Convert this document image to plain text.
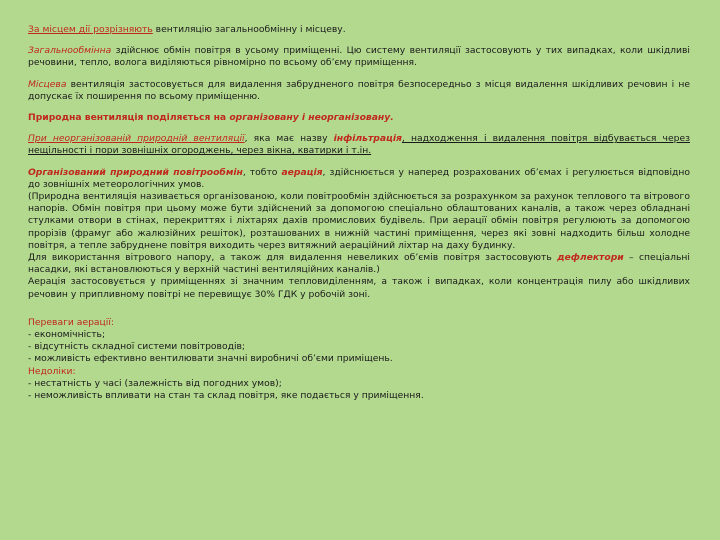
За місцем дії розрізняють вентиляцію загальнообмінну і місцеву.

Загальнообмінна здійснює обмін повітря в усьому приміщенні. Цю систему вентиляції застосовують у тих випадках, коли шкідливі речовини, тепло, волога виділяються рівномірно по всьому об’єму приміщення.

Місцева вентиляція застосовується для видалення забрудненого повітря безпосередньо з місця видалення шкідливих речовин і не допускає їх поширення по всьому приміщенню.

Природна вентиляція поділяється на організовану і неорганізовану.

При неорганізованій природній вентиляції, яка має назву інфільтрація, надходження і видалення повітря відбувається через нещільності і пори зовнішніх огороджень, через вікна, кватирки і т.ін.

Організований природний повітрообмін, тобто аерація, здійснюється у наперед розрахованих об’ємах і регулюється відповідно до зовнішніх метеорологічних умов.

(Природна вентиляція називається організованою, коли повітрообмін здійснюється за розрахунком за рахунок теплового та вітрового напорів. Обмін повітря при цьому може бути здійснений за допомогою спеціально облаштованих каналів, а також через обладнані стулками отвори в стінах, перекриттях і ліхтарях дахів промислових будівель. При аерації обмін повітря регулюють за допомогою прорізів (фрамуг або жалюзійних решіток), розташованих в нижній частині приміщення, через які зовні надходить більш холодне повітря, а тепле забруднене повітря виходить через витяжний аераційний ліхтар на даху будинку.

Для використання вітрового напору, а також для видалення невеликих об’ємів повітря застосовують дефлектори – спеціальні насадки, які встановлюються у верхній частині вентиляційних каналів.)

Аерація застосовується у приміщеннях зі значним тепловиділенням, а також і випадках, коли концентрація пилу або шкідливих речовин у припливному повітрі не перевищує 30% ГДК у робочій зоні.

Переваги аерації:
- економічність;
- відсутність складної системи повітроводів;
- можливість ефективно вентилювати значні виробничі об’єми приміщень.
Недоліки:
- нестатність у часі (залежність від погодних умов);
- неможливість впливати на стан та склад повітря, яке подається у приміщення.
